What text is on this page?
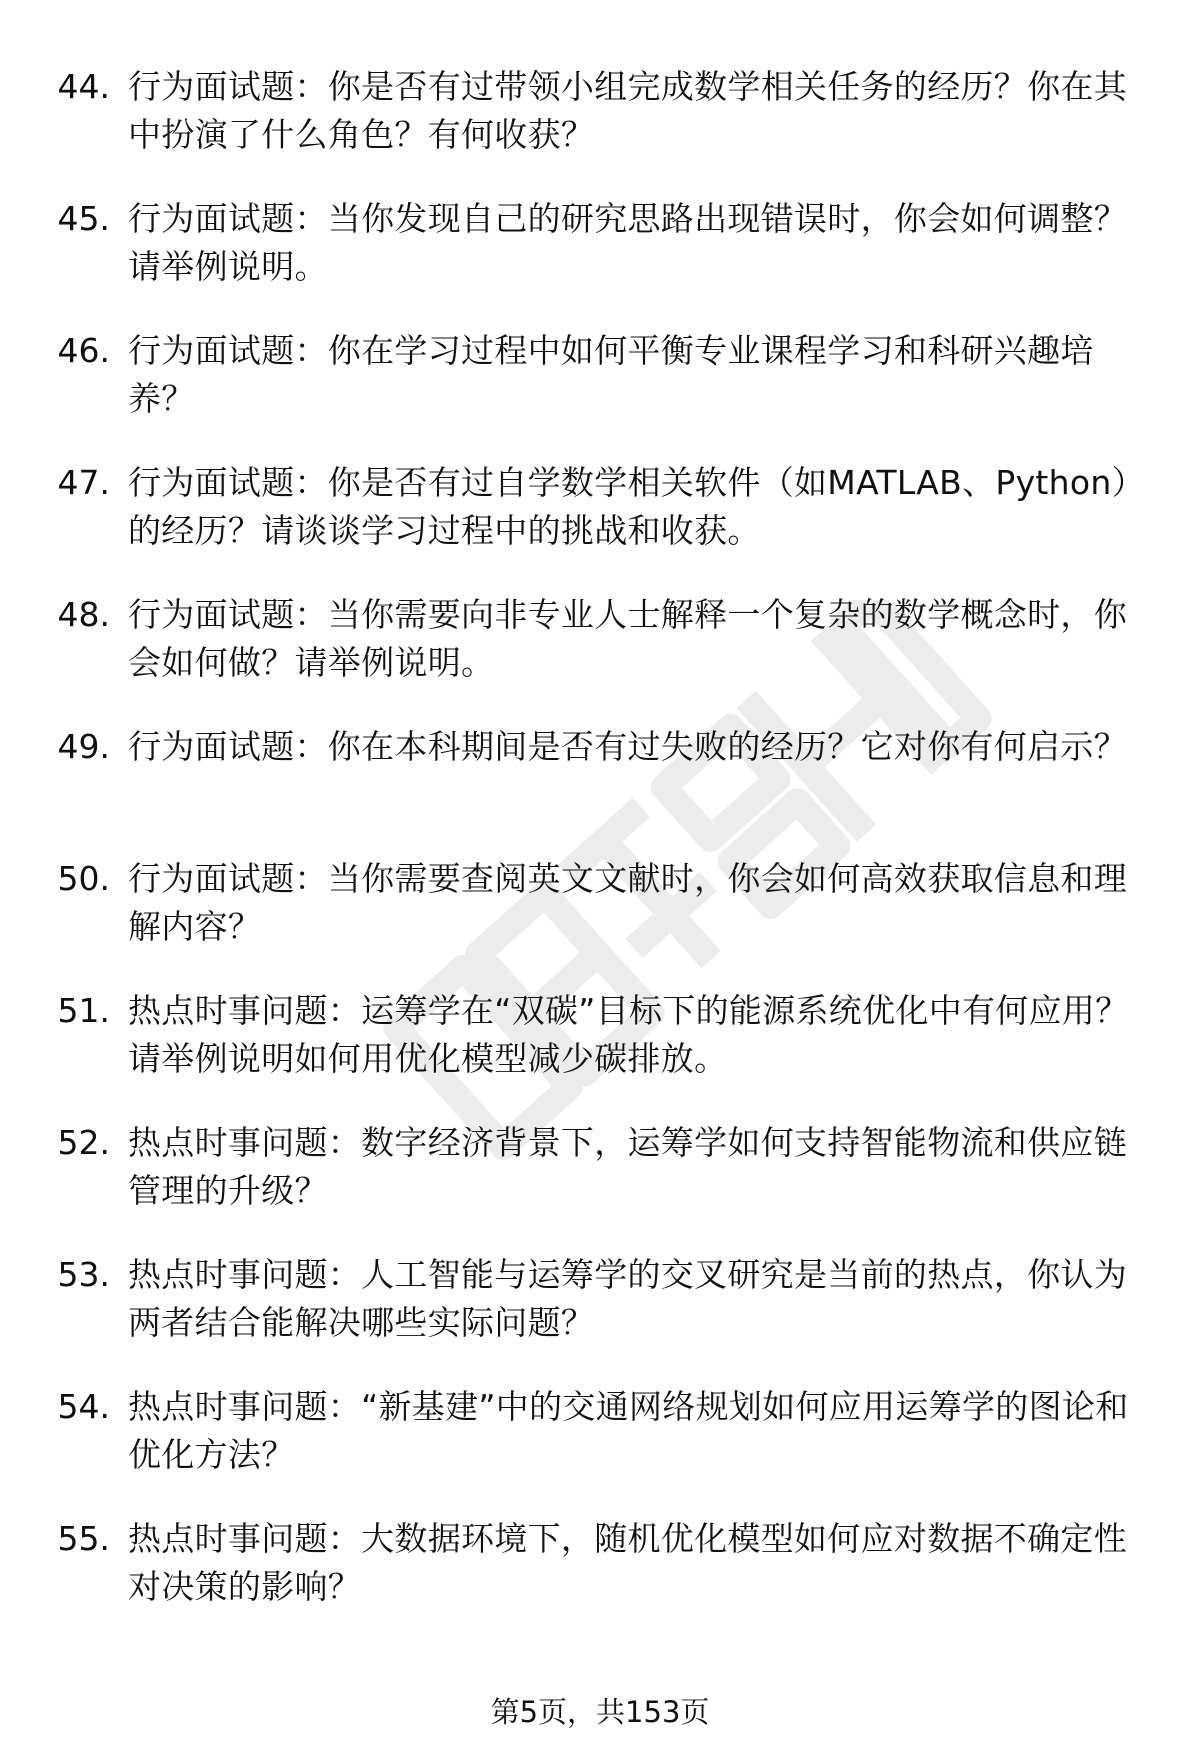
44. 行为面试题：你是否有过带领小组完成数学相关任务的经历？你在其中扮演了什么角色？有何收获？
45. 行为面试题：当你发现自己的研究思路出现错误时，你会如何调整？请举例说明。
46. 行为面试题：你在学习过程中如何平衡专业课程学习和科研兴趣培养？
47. 行为面试题：你是否有过自学数学相关软件（如MATLAB、Python）的经历？请谈谈学习过程中的挑战和收获。
48. 行为面试题：当你需要向非专业人士解释一个复杂的数学概念时，你会如何做？请举例说明。
49. 行为面试题：你在本科期间是否有过失败的经历？它对你有何启示？
50. 行为面试题：当你需要查阅英文文献时，你会如何高效获取信息和理解内容？
51. 热点时事问题：运筹学在“双碳”目标下的能源系统优化中有何应用？请举例说明如何用优化模型减少碳排放。
52. 热点时事问题：数字经济背景下，运筹学如何支持智能物流和供应链管理的升级？
53. 热点时事问题：人工智能与运筹学的交叉研究是当前的热点，你认为两者结合能解决哪些实际问题？
54. 热点时事问题：“新基建”中的交通网络规划如何应用运筹学的图论和优化方法？
55. 热点时事问题：大数据环境下，随机优化模型如何应对数据不确定性对决策的影响？
第5页，共153页
